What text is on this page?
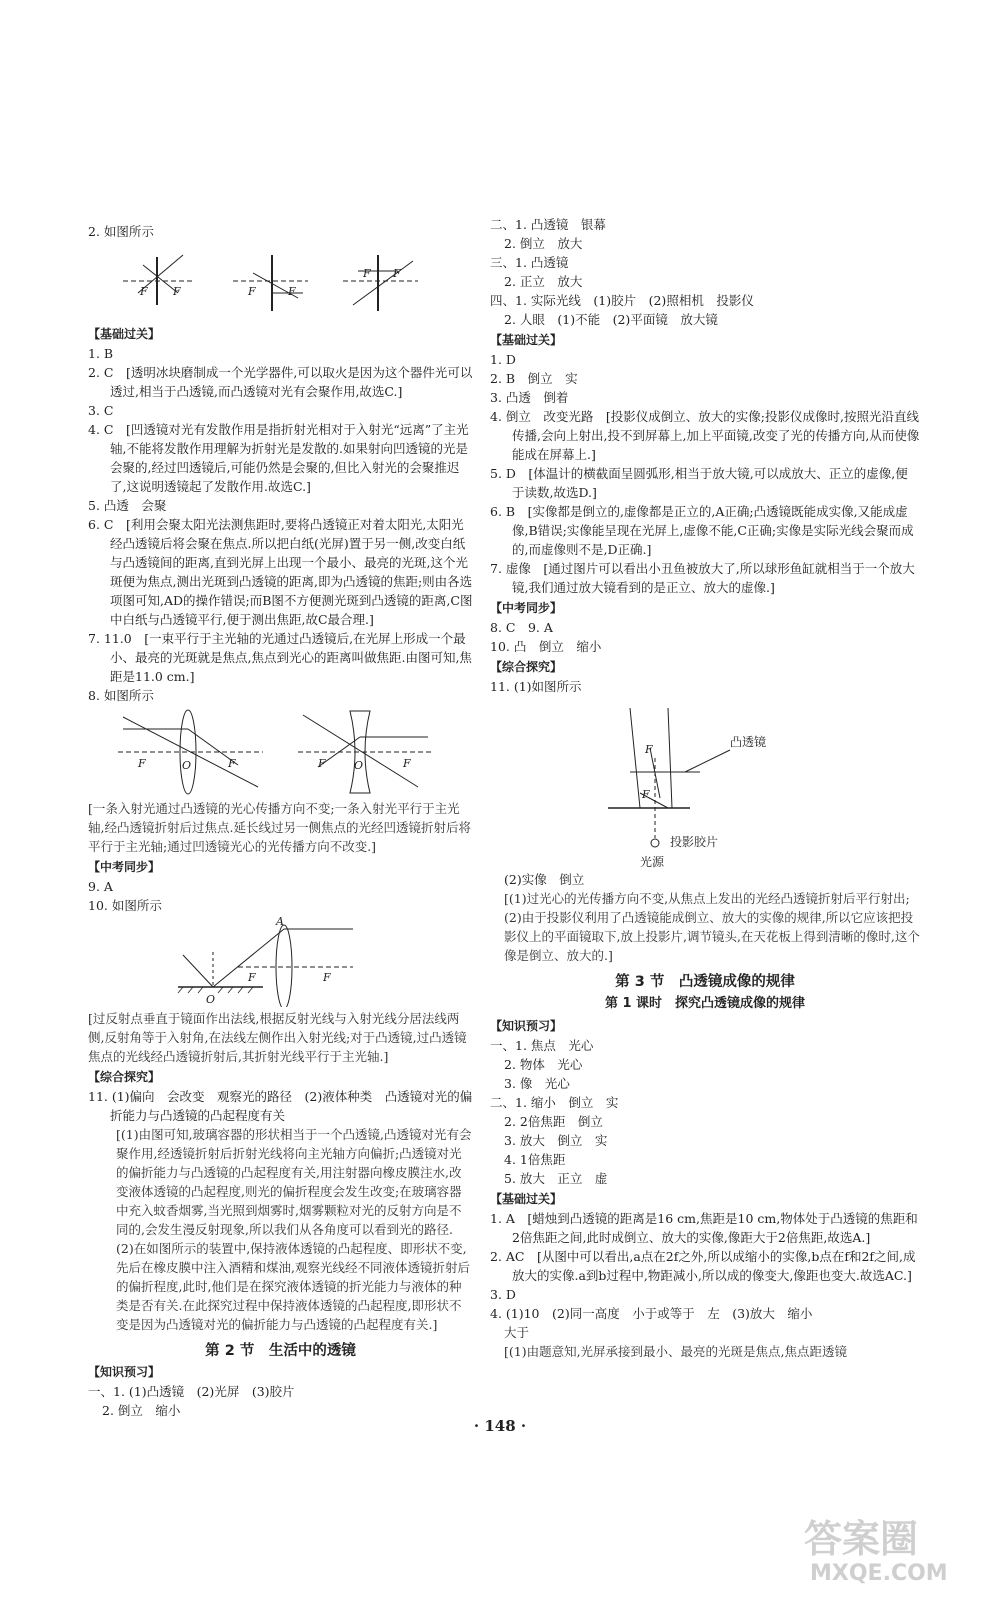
2. 如图所示

F F	F	F
F F

【基础过关】

1. B

2. C　[透明冰块磨制成一个光学器件,可以取火是因为这个器件光可以透过,相当于凸透镜,而凸透镜对光有会聚作用,故选C.]

3. C

4. C　[凹透镜对光有发散作用是指折射光相对于入射光“远离”了主光轴,不能将发散作用理解为折射光是发散的.如果射向凹透镜的光是会聚的,经过凹透镜后,可能仍然是会聚的,但比入射光的会聚推迟了,这说明透镜起了发散作用.故选C.]

5. 凸透　会聚

6. C　[利用会聚太阳光法测焦距时,要将凸透镜正对着太阳光,太阳光经凸透镜后将会聚在焦点.所以把白纸(光屏)置于另一侧,改变白纸与凸透镜间的距离,直到光屏上出现一个最小、最亮的光斑,这个光斑便为焦点,测出光斑到凸透镜的距离,即为凸透镜的焦距;则由各选项图可知,AD的操作错误;而B图不方便测光斑到凸透镜的距离,C图中白纸与凸透镜平行,便于测出焦距,故C最合理.]

7. 11.0　[一束平行于主光轴的光通过凸透镜后,在光屏上形成一个最小、最亮的光斑就是焦点,焦点到光心的距离叫做焦距.由图可知,焦距是11.0 cm.]

8. 如图所示

F	O	F	F	O	F

[一条入射光通过凸透镜的光心传播方向不变;一条入射光平行于主光轴,经凸透镜折射后过焦点.延长线过另一侧焦点的光经凹透镜折射后将平行于主光轴;通过凹透镜光心的光传播方向不改变.]

【中考同步】

9. A

10. 如图所示

A
F	F
O

[过反射点垂直于镜面作出法线,根据反射光线与入射光线分居法线两侧,反射角等于入射角,在法线左侧作出入射光线;对于凸透镜,过凸透镜焦点的光线经凸透镜折射后,其折射光线平行于主光轴.]

【综合探究】

11. (1)偏向　会改变　观察光的路径　(2)液体种类　凸透镜对光的偏折能力与凸透镜的凸起程度有关

[(1)由图可知,玻璃容器的形状相当于一个凸透镜,凸透镜对光有会聚作用,经透镜折射后折射光线将向主光轴方向偏折;凸透镜对光的偏折能力与凸透镜的凸起程度有关,用注射器向橡皮膜注水,改变液体透镜的凸起程度,则光的偏折程度会发生改变;在玻璃容器中充入蚊香烟雾,当光照到烟雾时,烟雾颗粒对光的反射方向是不同的,会发生漫反射现象,所以我们从各角度可以看到光的路径.

(2)在如图所示的装置中,保持液体透镜的凸起程度、即形状不变,先后在橡皮膜中注入酒精和煤油,观察光线经不同液体透镜折射后的偏折程度,此时,他们是在探究液体透镜的折光能力与液体的种类是否有关.在此探究过程中保持液体透镜的凸起程度,即形状不变是因为凸透镜对光的偏折能力与凸透镜的凸起程度有关.]

第 2 节　生活中的透镜

【知识预习】

一、1. (1)凸透镜　(2)光屏　(3)胶片

2. 倒立　缩小

二、1. 凸透镜　银幕

2. 倒立　放大

三、1. 凸透镜

2. 正立　放大

四、1. 实际光线　(1)胶片　(2)照相机　投影仪

2. 人眼　(1)不能　(2)平面镜　放大镜

【基础过关】

1. D

2. B　倒立　实

3. 凸透　倒着

4. 倒立　改变光路　[投影仪成倒立、放大的实像;投影仪成像时,按照光沿直线传播,会向上射出,投不到屏幕上,加上平面镜,改变了光的传播方向,从而使像能成在屏幕上.]

5. D　[体温计的横截面呈圆弧形,相当于放大镜,可以成放大、正立的虚像,便于读数,故选D.]

6. B　[实像都是倒立的,虚像都是正立的,A正确;凸透镜既能成实像,又能成虚像,B错误;实像能呈现在光屏上,虚像不能,C正确;实像是实际光线会聚而成的,而虚像则不是,D正确.]

7. 虚像　[通过图片可以看出小丑鱼被放大了,所以球形鱼缸就相当于一个放大镜,我们通过放大镜看到的是正立、放大的虚像.]

【中考同步】

8. C　9. A

10. 凸　倒立　缩小

【综合探究】

11. (1)如图所示

F
F
凸透镜
投影胶片
光源

(2)实像　倒立

[(1)过光心的光传播方向不变,从焦点上发出的光经凸透镜折射后平行射出;(2)由于投影仪利用了凸透镜能成倒立、放大的实像的规律,所以它应该把投影仪上的平面镜取下,放上投影片,调节镜头,在天花板上得到清晰的像时,这个像是倒立、放大的.]

第 3 节　凸透镜成像的规律

第 1 课时　探究凸透镜成像的规律

【知识预习】

一、1. 焦点　光心

2. 物体　光心

3. 像　光心

二、1. 缩小　倒立　实

2. 2倍焦距　倒立

3. 放大　倒立　实

4. 1倍焦距

5. 放大　正立　虚

【基础过关】

1. A　[蜡烛到凸透镜的距离是16 cm,焦距是10 cm,物体处于凸透镜的焦距和2倍焦距之间,此时成倒立、放大的实像,像距大于2倍焦距,故选A.]

2. AC　[从图中可以看出,a点在2f之外,所以成缩小的实像,b点在f和2f之间,成放大的实像.a到b过程中,物距减小,所以成的像变大,像距也变大.故选AC.]

3. D

4. (1)10　(2)同一高度　小于或等于　左　(3)放大　缩小

大于

[(1)由题意知,光屏承接到最小、最亮的光斑是焦点,焦点距透镜

· 148 ·
答案圈
MXQE.COM
